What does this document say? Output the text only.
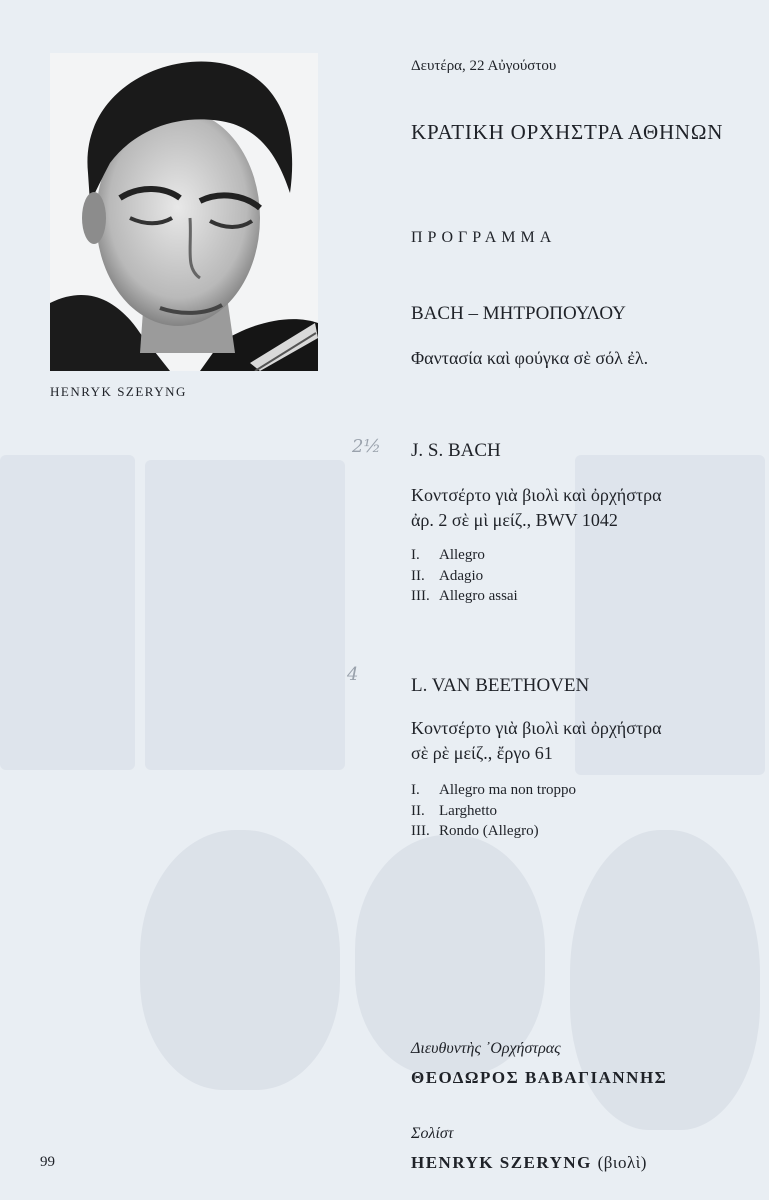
HENRYK SZERYNG
Δευτέρα, 22 Αὐγούστου
ΚΡΑΤΙΚΗ ΟΡΧΗΣΤΡΑ ΑΘΗΝΩΝ
ΠΡΟΓΡΑΜΜΑ
BACH – ΜΗΤΡΟΠΟΥΛΟΥ
Φαντασία καὶ φούγκα σὲ σόλ ἐλ.
2½
4
J. S. BACH
Κοντσέρτο γιὰ βιολὶ καὶ ὀρχήστρα
ἀρ. 2 σὲ μὶ μείζ., BWV 1042
I. Allegro
II. Adagio
III. Allegro assai
L. VAN BEETHOVEN
Κοντσέρτο γιὰ βιολὶ καὶ ὀρχήστρα
σὲ ρὲ μείζ., ἔργο 61
I. Allegro ma non troppo
II. Larghetto
III. Rondo (Allegro)
Διευθυντὴς ᾿Ορχήστρας
ΘΕΟΔΩΡΟΣ ΒΑΒΑΓΙΑΝΝΗΣ
Σολίστ
HENRYK SZERYNG (βιολὶ)
99
